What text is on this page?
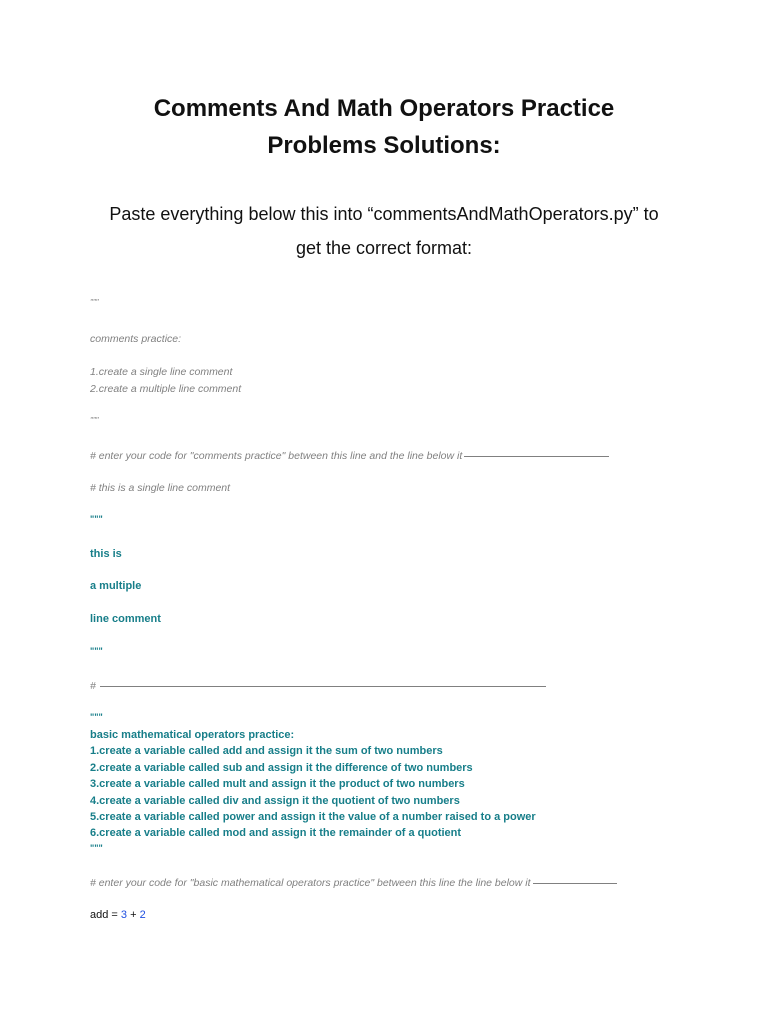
Comments And Math Operators Practice
Problems Solutions:
Paste everything below this into “commentsAndMathOperators.py” to
get the correct format:
"""
comments practice:
1.create a single line comment
2.create a multiple line comment
"""
# enter your code for "comments practice" between this line and the line below it
# this is a single line comment
"""
this is
a multiple
line comment
"""
#
"""
basic mathematical operators practice:
1.create a variable called add and assign it the sum of two numbers
2.create a variable called sub and assign it the difference of two numbers
3.create a variable called mult and assign it the product of two numbers
4.create a variable called div and assign it the quotient of two numbers
5.create a variable called power and assign it the value of a number raised to a power
6.create a variable called mod and assign it the remainder of a quotient
"""
# enter your code for "basic mathematical operators practice" between this line the line below it
add = 3 + 2
